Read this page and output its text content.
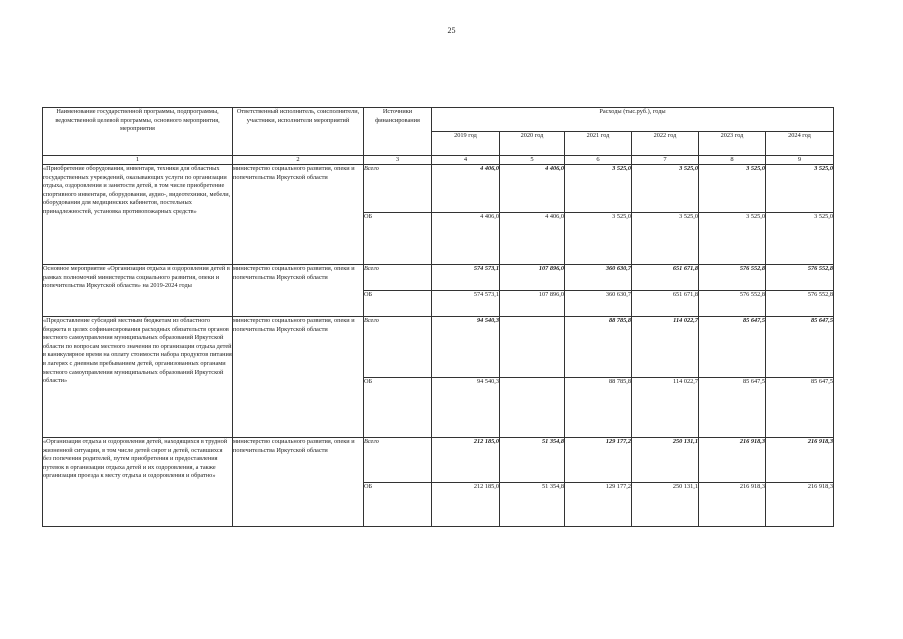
25
Наименование государственной программы, подпрограммы, ведомственной целевой программы, основного мероприятия, мероприятия	Ответственный исполнитель, соисполнители, участники, исполнители мероприятий	Источники финансирования	Расходы (тыс.руб.), годы					
			2019 год	2020 год	2021 год	2022 год	2023 год	2024 год
1	2	3	4	5	6	7	8	9
«Приобретение оборудования, инвентаря, техники для областных государственных учреждений, оказывающих услуги по организации отдыха, оздоровления и занятости детей, в том числе приобретение спортивного инвентаря, оборудования, аудио-, видеотехники, мебели, оборудования для медицинских кабинетов, постельных принадлежностей, установка противопожарных средств»	министерство социального развития, опеки и попечительства Иркутской области	Всего	4 406,0	4 406,0	3 525,0	3 525,0	3 525,0	3 525,0
		ОБ	4 406,0	4 406,0	3 525,0	3 525,0	3 525,0	3 525,0
Основное мероприятие «Организация отдыха и оздоровления детей в рамках полномочий министерства социального развития, опеки и попечительства Иркутской области» на 2019-2024 годы	министерство социального развития, опеки и попечительства Иркутской области	Всего	574 573,1	107 896,0	360 630,7	651 671,8	576 552,8	576 552,8
		ОБ	574 573,1	107 896,0	360 630,7	651 671,8	576 552,8	576 552,8
«Предоставление субсидий местным бюджетам из областного бюджета в целях софинансирования расходных обязательств органов местного самоуправления муниципальных образований Иркутской области по вопросам местного значения по организации отдыха детей в каникулярное время на оплату стоимости набора продуктов питания в лагерях с дневным пребыванием детей, организованных органами местного самоуправления муниципальных образований Иркутской области»	министерство социального развития, опеки и попечительства Иркутской области	Всего	94 540,3		88 785,8	114 022,7	85 647,5	85 647,5
		ОБ	94 540,3		88 785,8	114 022,7	85 647,5	85 647,5
«Организация отдыха и оздоровления детей, находящихся в трудной жизненной ситуации, в том числе детей сирот и детей, оставшихся без попечения родителей, путем приобретения и предоставления путевок в организации отдыха детей и их оздоровления, а также организация проезда к месту отдыха и оздоровления и обратно»	министерство социального развития, опеки и попечительства Иркутской области	Всего	212 185,0	51 354,8	129 177,2	250 131,1	216 918,3	216 918,3
		ОБ	212 185,0	51 354,8	129 177,2	250 131,1	216 918,3	216 918,3
